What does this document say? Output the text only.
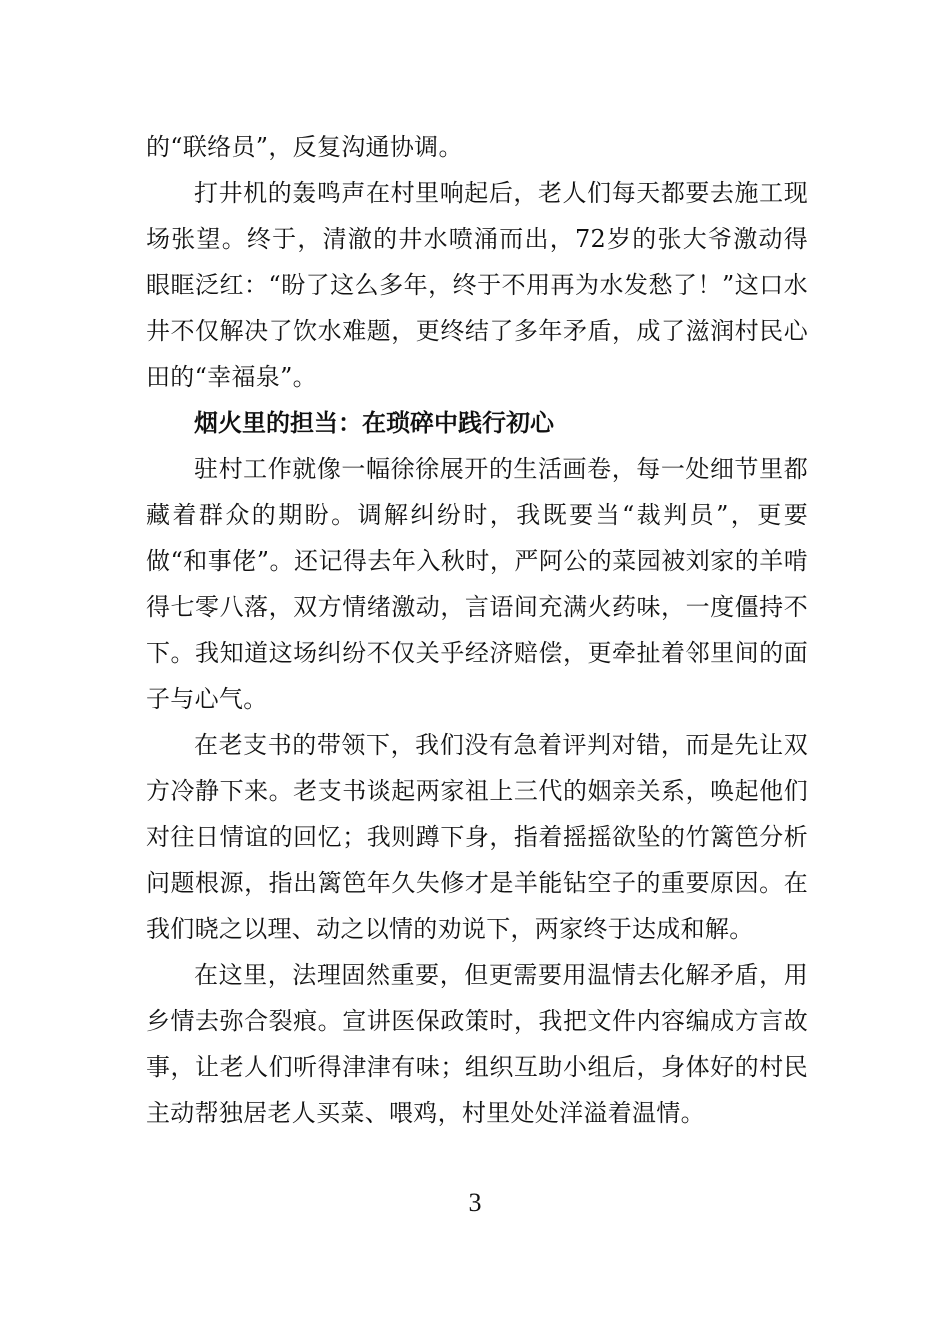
的“联络员”，反复沟通协调。

打井机的轰鸣声在村里响起后，老人们每天都要去施工现场张望。终于，清澈的井水喷涌而出，72岁的张大爷激动得眼眶泛红：“盼了这么多年，终于不用再为水发愁了！”这口水井不仅解决了饮水难题，更终结了多年矛盾，成了滋润村民心田的“幸福泉”。

烟火里的担当：在琐碎中践行初心

驻村工作就像一幅徐徐展开的生活画卷，每一处细节里都藏着群众的期盼。调解纠纷时，我既要当“裁判员”，更要做“和事佬”。还记得去年入秋时，严阿公的菜园被刘家的羊啃得七零八落，双方情绪激动，言语间充满火药味，一度僵持不下。我知道这场纠纷不仅关乎经济赔偿，更牵扯着邻里间的面子与心气。

在老支书的带领下，我们没有急着评判对错，而是先让双方冷静下来。老支书谈起两家祖上三代的姻亲关系，唤起他们对往日情谊的回忆；我则蹲下身，指着摇摇欲坠的竹篱笆分析问题根源，指出篱笆年久失修才是羊能钻空子的重要原因。在我们晓之以理、动之以情的劝说下，两家终于达成和解。

在这里，法理固然重要，但更需要用温情去化解矛盾，用乡情去弥合裂痕。宣讲医保政策时，我把文件内容编成方言故事，让老人们听得津津有味；组织互助小组后，身体好的村民主动帮独居老人买菜、喂鸡，村里处处洋溢着温情。

3
